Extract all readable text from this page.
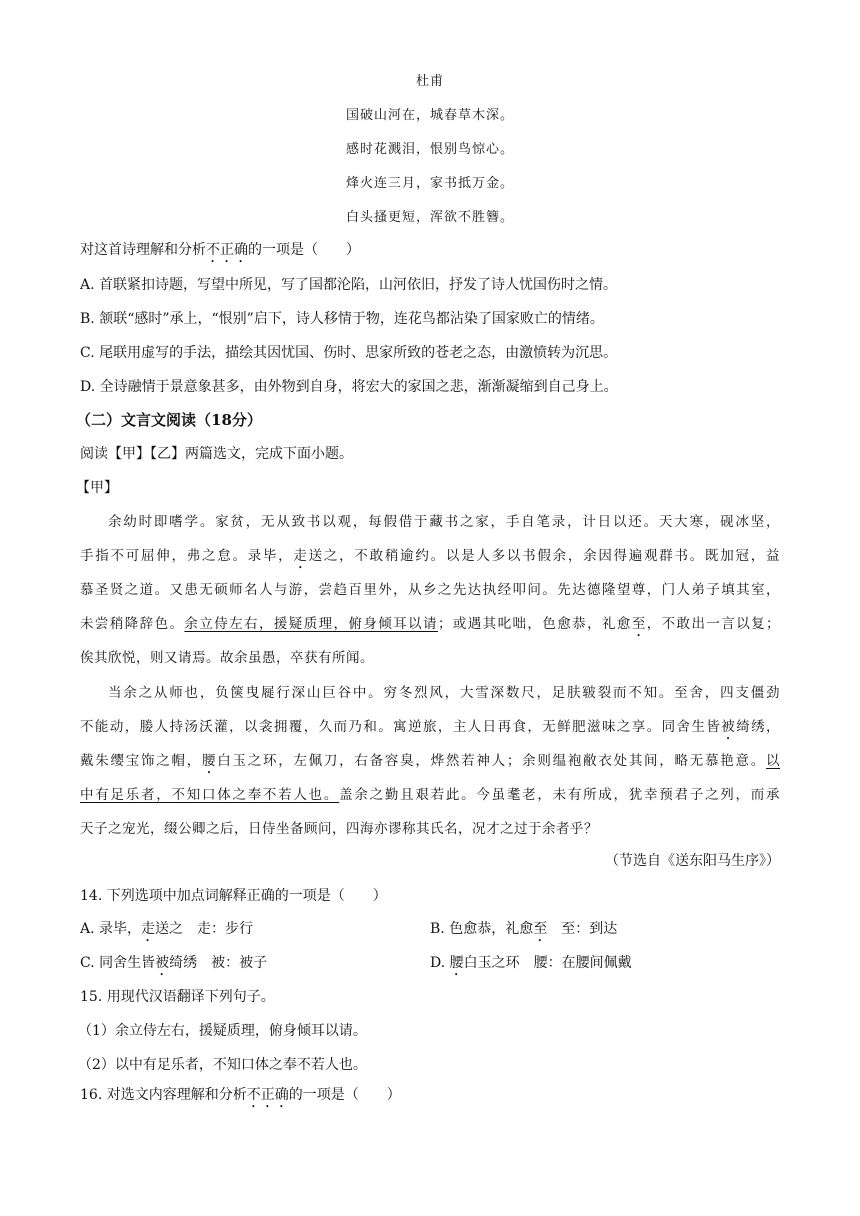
杜甫
国破山河在，城春草木深。
感时花溅泪，恨别鸟惊心。
烽火连三月，家书抵万金。
白头搔更短，浑欲不胜簪。
对这首诗理解和分析不正确的一项是（　　）
A. 首联紧扣诗题，写望中所见，写了国都沦陷，山河依旧，抒发了诗人忧国伤时之情。
B. 颔联“感时”承上，“恨别”启下，诗人移情于物，连花鸟都沾染了国家败亡的情绪。
C. 尾联用虚写的手法，描绘其因忧国、伤时、思家所致的苍老之态，由激愤转为沉思。
D. 全诗融情于景意象甚多，由外物到自身，将宏大的家国之悲，渐渐凝缩到自己身上。
（二）文言文阅读（18分）
阅读【甲】【乙】两篇选文，完成下面小题。
【甲】
余幼时即嗜学。家贫，无从致书以观，每假借于藏书之家，手自笔录，计日以还。天大寒，砚冰坚，
手指不可屈伸，弗之怠。录毕，走送之，不敢稍逾约。以是人多以书假余，余因得遍观群书。既加冠，益
慕圣贤之道。又患无硕师名人与游，尝趋百里外，从乡之先达执经叩问。先达德隆望尊，门人弟子填其室，
未尝稍降辞色。余立侍左右，援疑质理，俯身倾耳以请；或遇其叱咄，色愈恭，礼愈至，不敢出一言以复；
俟其欣悦，则又请焉。故余虽愚，卒获有所闻。
当余之从师也，负箧曳屣行深山巨谷中。穷冬烈风，大雪深数尺，足肤皲裂而不知。至舍，四支僵劲
不能动，媵人持汤沃灌，以衾拥覆，久而乃和。寓逆旅，主人日再食，无鲜肥滋味之享。同舍生皆被绮绣，
戴朱缨宝饰之帽，腰白玉之环，左佩刀，右备容臭，烨然若神人；余则缊袍敝衣处其间，略无慕艳意。以
中有足乐者，不知口体之奉不若人也。盖余之勤且艰若此。今虽耄老，未有所成，犹幸预君子之列，而承
天子之宠光，缀公卿之后，日侍坐备顾问，四海亦谬称其氏名，况才之过于余者乎？
（节选自《送东阳马生序》）
14. 下列选项中加点词解释正确的一项是（　　）
A. 录毕，走送之　走：步行	B. 色愈恭，礼愈至　至：到达
C. 同舍生皆被绮绣　被：被子	D. 腰白玉之环　腰：在腰间佩戴
15. 用现代汉语翻译下列句子。
（1）余立侍左右，援疑质理，俯身倾耳以请。
（2）以中有足乐者，不知口体之奉不若人也。
16. 对选文内容理解和分析不正确的一项是（　　）
